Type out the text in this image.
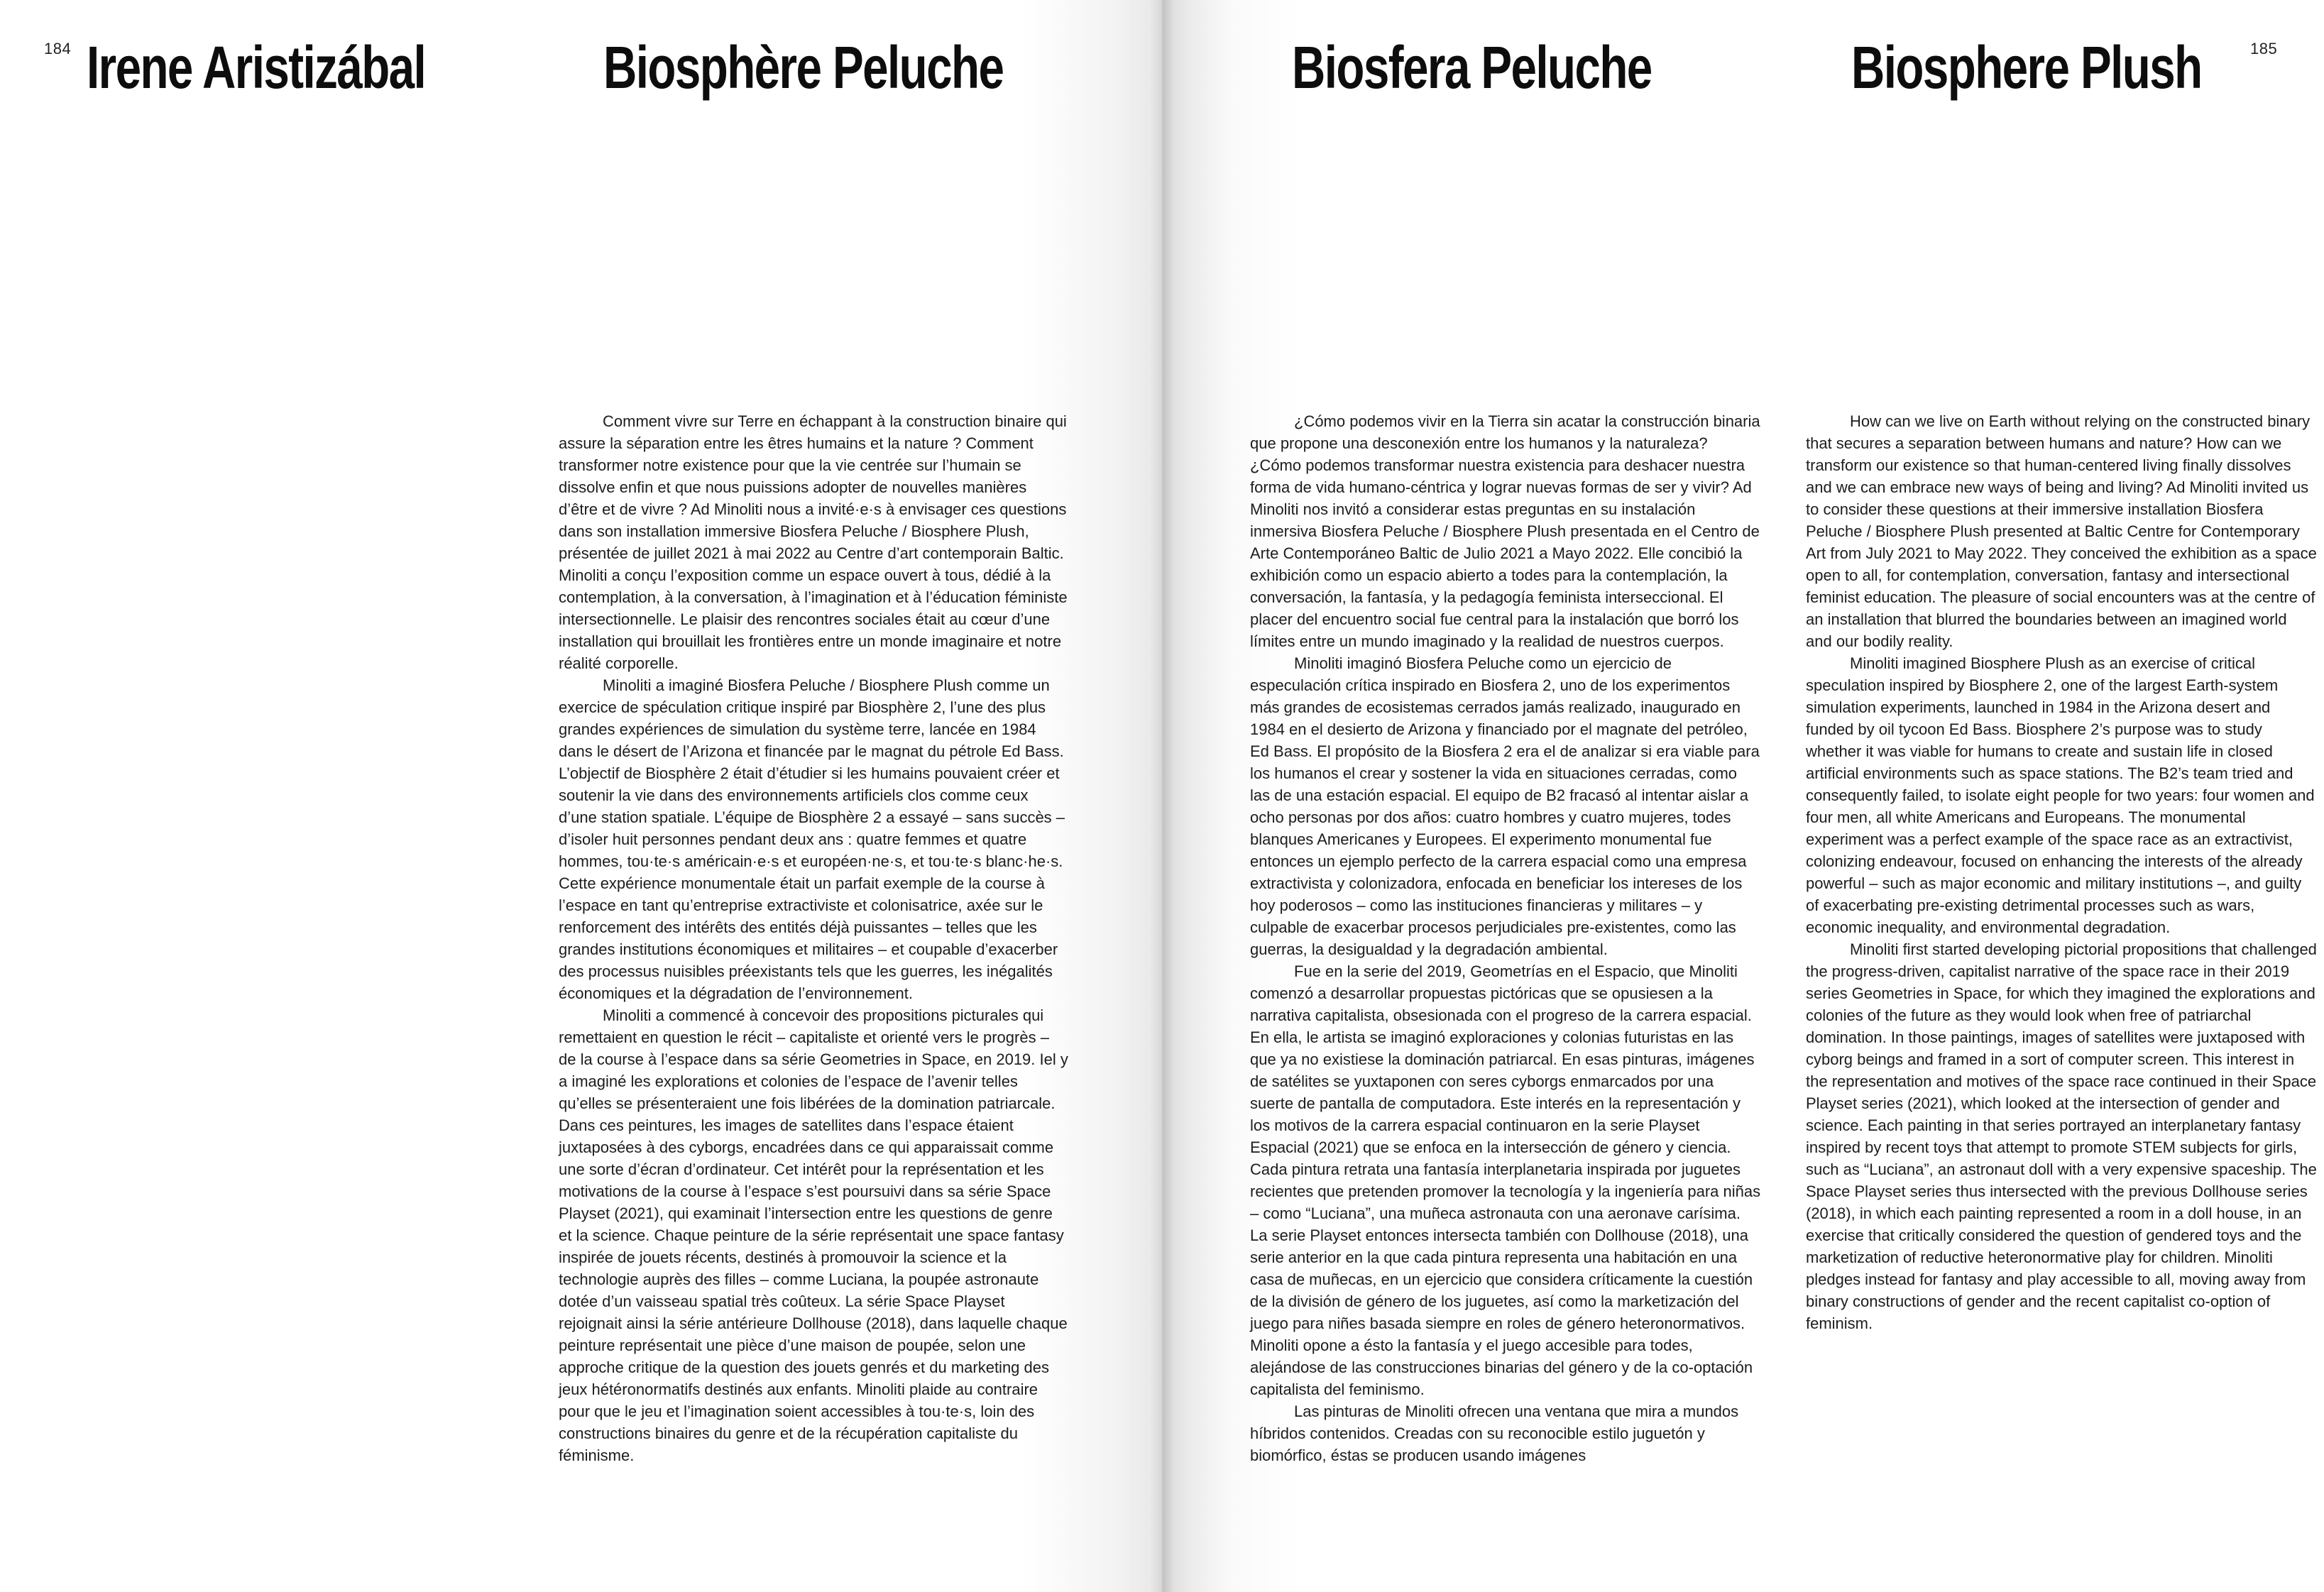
184 Irene Aristizábal	Biosphère Peluche

Comment vivre sur Terre en échappant à la construction binaire qui assure la séparation entre les êtres humains et la nature ? Comment transformer notre existence pour que la vie centrée sur l’humain se dissolve enfin et que nous puissions adopter de nouvelles manières d’être et de vivre ? Ad Minoliti nous a invité·e·s à envisager ces questions dans son installation immersive Biosfera Peluche / Biosphere Plush, présentée de juillet 2021 à mai 2022 au Centre d’art contemporain Baltic. Minoliti a conçu l’exposition comme un espace ouvert à tous, dédié à la contemplation, à la conversation, à l’imagination et à l’éducation féministe intersectionnelle. Le plaisir des rencontres sociales était au cœur d’une installation qui brouillait les frontières entre un monde imaginaire et notre réalité corporelle.

Minoliti a imaginé Biosfera Peluche / Biosphere Plush comme un exercice de spéculation critique inspiré par Biosphère 2, l’une des plus grandes expériences de simulation du système terre, lancée en 1984 dans le désert de l’Arizona et financée par le magnat du pétrole Ed Bass. L’objectif de Biosphère 2 était d’étudier si les humains pouvaient créer et soutenir la vie dans des environnements artificiels clos comme ceux d’une station spatiale. L’équipe de Biosphère 2 a essayé – sans succès – d’isoler huit personnes pendant deux ans : quatre femmes et quatre hommes, tou·te·s américain·e·s et européen·ne·s, et tou·te·s blanc·he·s. Cette expérience monumentale était un parfait exemple de la course à l’espace en tant qu’entreprise extractiviste et colonisatrice, axée sur le renforcement des intérêts des entités déjà puissantes – telles que les grandes institutions économiques et militaires – et coupable d’exacerber des processus nuisibles préexistants tels que les guerres, les inégalités économiques et la dégradation de l’environnement.

Minoliti a commencé à concevoir des propositions picturales qui remettaient en question le récit – capitaliste et orienté vers le progrès – de la course à l’espace dans sa série Geometries in Space, en 2019. Iel y a imaginé les explorations et colonies de l’espace de l’avenir telles qu’elles se présenteraient une fois libérées de la domination patriarcale. Dans ces peintures, les images de satellites dans l’espace étaient juxtaposées à des cyborgs, encadrées dans ce qui apparaissait comme une sorte d’écran d’ordinateur. Cet intérêt pour la représentation et les motivations de la course à l’espace s’est poursuivi dans sa série Space Playset (2021), qui examinait l’intersection entre les questions de genre et la science. Chaque peinture de la série représentait une space fantasy inspirée de jouets récents, destinés à promouvoir la science et la technologie auprès des filles – comme Luciana, la poupée astronaute dotée d’un vaisseau spatial très coûteux. La série Space Playset rejoignait ainsi la série antérieure Dollhouse (2018), dans laquelle chaque peinture représentait une pièce d’une maison de poupée, selon une approche critique de la question des jouets genrés et du marketing des jeux hétéronormatifs destinés aux enfants. Minoliti plaide au contraire pour que le jeu et l’imagination soient accessibles à tou·te·s, loin des constructions binaires du genre et de la récupération capitaliste du féminisme.

Biosfera Peluche	Biosphere Plush	185

¿Cómo podemos vivir en la Tierra sin acatar la construcción binaria que propone una desconexión entre los humanos y la naturaleza? ¿Cómo podemos transformar nuestra existencia para deshacer nuestra forma de vida humano-céntrica y lograr nuevas formas de ser y vivir? Ad Minoliti nos invitó a considerar estas preguntas en su instalación inmersiva Biosfera Peluche / Biosphere Plush presentada en el Centro de Arte Contemporáneo Baltic de Julio 2021 a Mayo 2022. Elle concibió la exhibición como un espacio abierto a todes para la contemplación, la conversación, la fantasía, y la pedagogía feminista interseccional. El placer del encuentro social fue central para la instalación que borró los límites entre un mundo imaginado y la realidad de nuestros cuerpos.

Minoliti imaginó Biosfera Peluche como un ejercicio de especulación crítica inspirado en Biosfera 2, uno de los experimentos más grandes de ecosistemas cerrados jamás realizado, inaugurado en 1984 en el desierto de Arizona y financiado por el magnate del petróleo, Ed Bass. El propósito de la Biosfera 2 era el de analizar si era viable para los humanos el crear y sostener la vida en situaciones cerradas, como las de una estación espacial. El equipo de B2 fracasó al intentar aislar a ocho personas por dos años: cuatro hombres y cuatro mujeres, todes blanques Americanes y Europees. El experimento monumental fue entonces un ejemplo perfecto de la carrera espacial como una empresa extractivista y colonizadora, enfocada en beneficiar los intereses de los hoy poderosos – como las instituciones financieras y militares – y culpable de exacerbar procesos perjudiciales pre-existentes, como las guerras, la desigualdad y la degradación ambiental.

Fue en la serie del 2019, Geometrías en el Espacio, que Minoliti comenzó a desarrollar propuestas pictóricas que se opusiesen a la narrativa capitalista, obsesionada con el progreso de la carrera espacial. En ella, le artista se imaginó exploraciones y colonias futuristas en las que ya no existiese la dominación patriarcal. En esas pinturas, imágenes de satélites se yuxtaponen con seres cyborgs enmarcados por una suerte de pantalla de computadora. Este interés en la representación y los motivos de la carrera espacial continuaron en la serie Playset Espacial (2021) que se enfoca en la intersección de género y ciencia. Cada pintura retrata una fantasía interplanetaria inspirada por juguetes recientes que pretenden promover la tecnología y la ingeniería para niñas – como “Luciana”, una muñeca astronauta con una aeronave carísima. La serie Playset entonces intersecta también con Dollhouse (2018), una serie anterior en la que cada pintura representa una habitación en una casa de muñecas, en un ejercicio que considera críticamente la cuestión de la división de género de los juguetes, así como la marketización del juego para niñes basada siempre en roles de género heteronormativos. Minoliti opone a ésto la fantasía y el juego accesible para todes, alejándose de las construcciones binarias del género y de la co-optación capitalista del feminismo.

Las pinturas de Minoliti ofrecen una ventana que mira a mundos híbridos contenidos. Creadas con su reconocible estilo juguetón y biomórfico, éstas se producen usando imágenes

How can we live on Earth without relying on the constructed binary that secures a separation between humans and nature? How can we transform our existence so that human-centered living finally dissolves and we can embrace new ways of being and living? Ad Minoliti invited us to consider these questions at their immersive installation Biosfera Peluche / Biosphere Plush presented at Baltic Centre for Contemporary Art from July 2021 to May 2022. They conceived the exhibition as a space open to all, for contemplation, conversation, fantasy and intersectional feminist education. The pleasure of social encounters was at the centre of an installation that blurred the boundaries between an imagined world and our bodily reality.

Minoliti imagined Biosphere Plush as an exercise of critical speculation inspired by Biosphere 2, one of the largest Earth-system simulation experiments, launched in 1984 in the Arizona desert and funded by oil tycoon Ed Bass. Biosphere 2’s purpose was to study whether it was viable for humans to create and sustain life in closed artificial environments such as space stations. The B2’s team tried and consequently failed, to isolate eight people for two years: four women and four men, all white Americans and Europeans. The monumental experiment was a perfect example of the space race as an extractivist, colonizing endeavour, focused on enhancing the interests of the already powerful – such as major economic and military institutions –, and guilty of exacerbating pre-existing detrimental processes such as wars, economic inequality, and environmental degradation.

Minoliti first started developing pictorial propositions that challenged the progress-driven, capitalist narrative of the space race in their 2019 series Geometries in Space, for which they imagined the explorations and colonies of the future as they would look when free of patriarchal domination. In those paintings, images of satellites were juxtaposed with cyborg beings and framed in a sort of computer screen. This interest in the representation and motives of the space race continued in their Space Playset series (2021), which looked at the intersection of gender and science. Each painting in that series portrayed an interplanetary fantasy inspired by recent toys that attempt to promote STEM subjects for girls, such as “Luciana”, an astronaut doll with a very expensive spaceship. The Space Playset series thus intersected with the previous Dollhouse series (2018), in which each painting represented a room in a doll house, in an exercise that critically considered the question of gendered toys and the marketization of reductive heteronormative play for children. Minoliti pledges instead for fantasy and play accessible to all, moving away from binary constructions of gender and the recent capitalist co-option of feminism.
